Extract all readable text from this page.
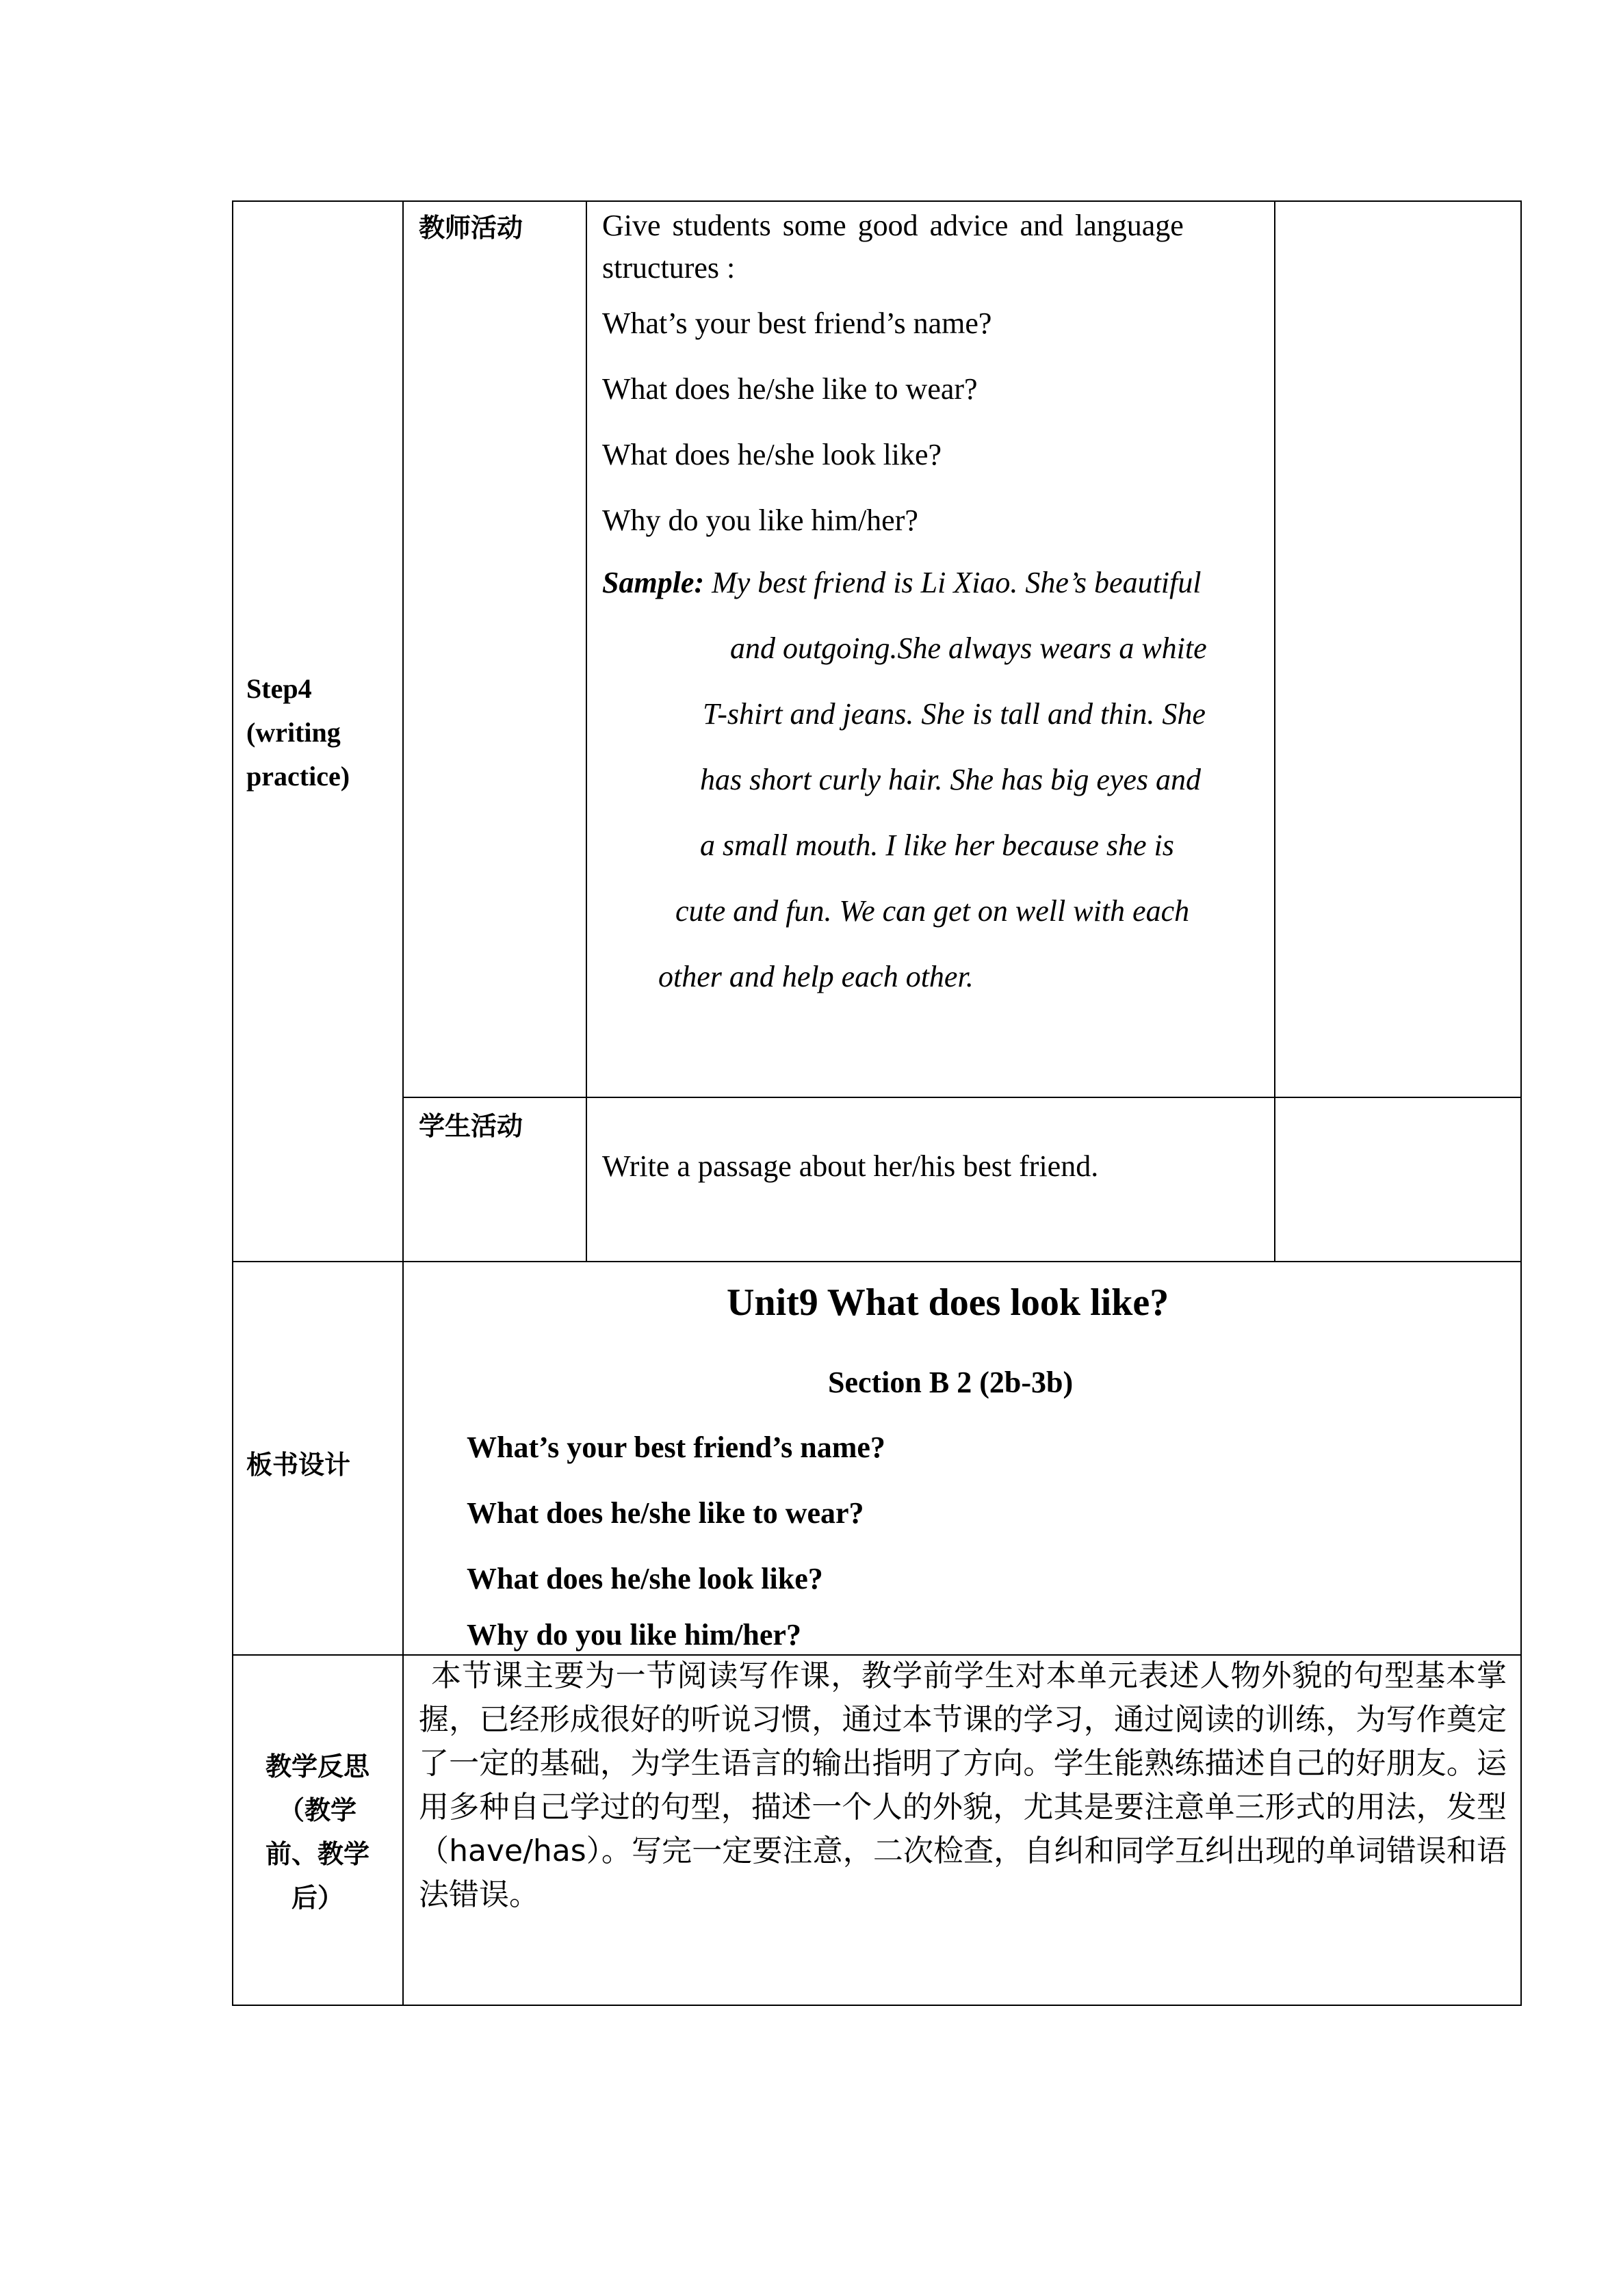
Step4
(writing
practice)
教师活动	Give students some good advice and language
structures :
What’s your best friend’s name?
What does he/she like to wear?
What does he/she look like?
Why do you like him/her?
Sample: My best friend is Li Xiao. She’s beautiful
and outgoing.She always wears a white
T-shirt and jeans. She is tall and thin. She
has short curly hair. She has big eyes and
a small mouth. I like her because she is
cute and fun. We can get on well with each
other and help each other.
学生活动
Write a passage about her/his best friend.
板书设计
Unit9 What does look like?
Section B 2 (2b-3b)
What’s your best friend’s name?
What does he/she like to wear?
What does he/she look like?
Why do you like him/her?
教学反思
（教学
前、教学
后）
本节课主要为一节阅读写作课，教学前学生对本单元表述人物外貌的句型基本掌握，已经形成很好的听说习惯，通过本节课的学习，通过阅读的训练，为写作奠定了一定的基础，为学生语言的输出指明了方向。学生能熟练描述自己的好朋友。运用多种自己学过的句型，描述一个人的外貌，尤其是要注意单三形式的用法，发型（have/has）。写完一定要注意，二次检查，自纠和同学互纠出现的单词错误和语法错误。
